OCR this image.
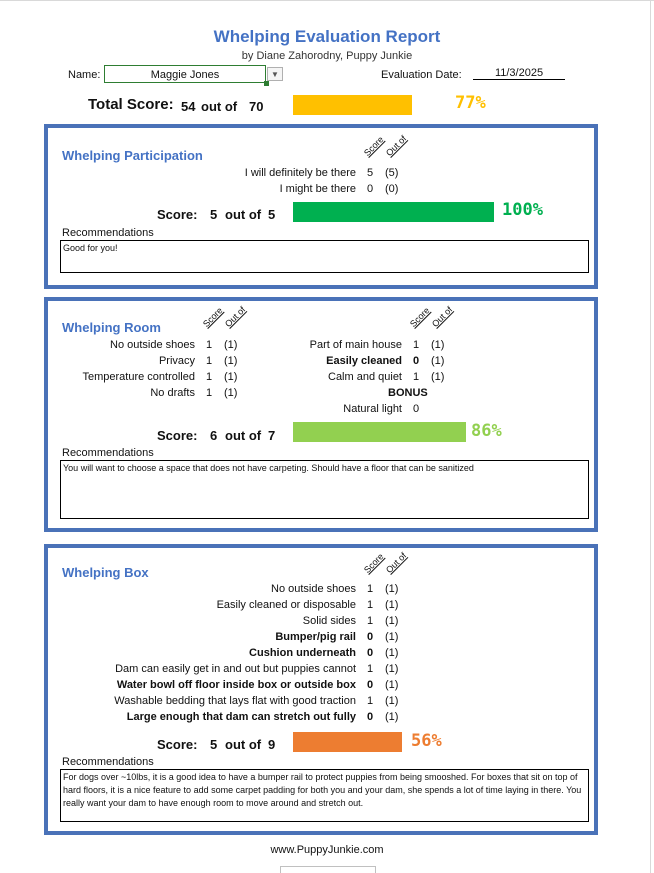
Whelping Evaluation Report
by Diane Zahorodny, Puppy Junkie
Name:	Maggie Jones	▼	Evaluation Date:	11/3/2025
Total Score: 54 out of 70	77%
Whelping Participation	Score
Out of
I will definitely be there 5 (5)
I might be there 0 (0)
Score: 5 out of 5	100%
Recommendations
Good for you!
Whelping Room	Score
Out of	Score
Out of
No outside shoes 1 (1)
Privacy 1 (1)
Temperature controlled 1 (1)
No drafts 1 (1)
Part of main house 1 (1)
Easily cleaned 0 (1)
Calm and quiet 1 (1)
BONUS
Natural light 0
Score: 6 out of 7	86%
Recommendations
You will want to choose a space that does not have carpeting. Should have a floor that can be sanitized
Whelping Box	Score
Out of
No outside shoes 1 (1)
Easily cleaned or disposable 1 (1)
Solid sides 1 (1)
Bumper/pig rail 0 (1)
Cushion underneath 0 (1)
Dam can easily get in and out but puppies cannot 1 (1)
Water bowl off floor inside box or outside box 0 (1)
Washable bedding that lays flat with good traction 1 (1)
Large enough that dam can stretch out fully 0 (1)
Score: 5 out of 9	56%
Recommendations
For dogs over ~10lbs, it is a good idea to have a bumper rail to protect puppies from being smooshed. For boxes that sit on top of hard floors, it is a nice feature to add some carpet padding for both you and your dam, she spends a lot of time laying in there. You really want your dam to have enough room to move around and stretch out.
www.PuppyJunkie.com
